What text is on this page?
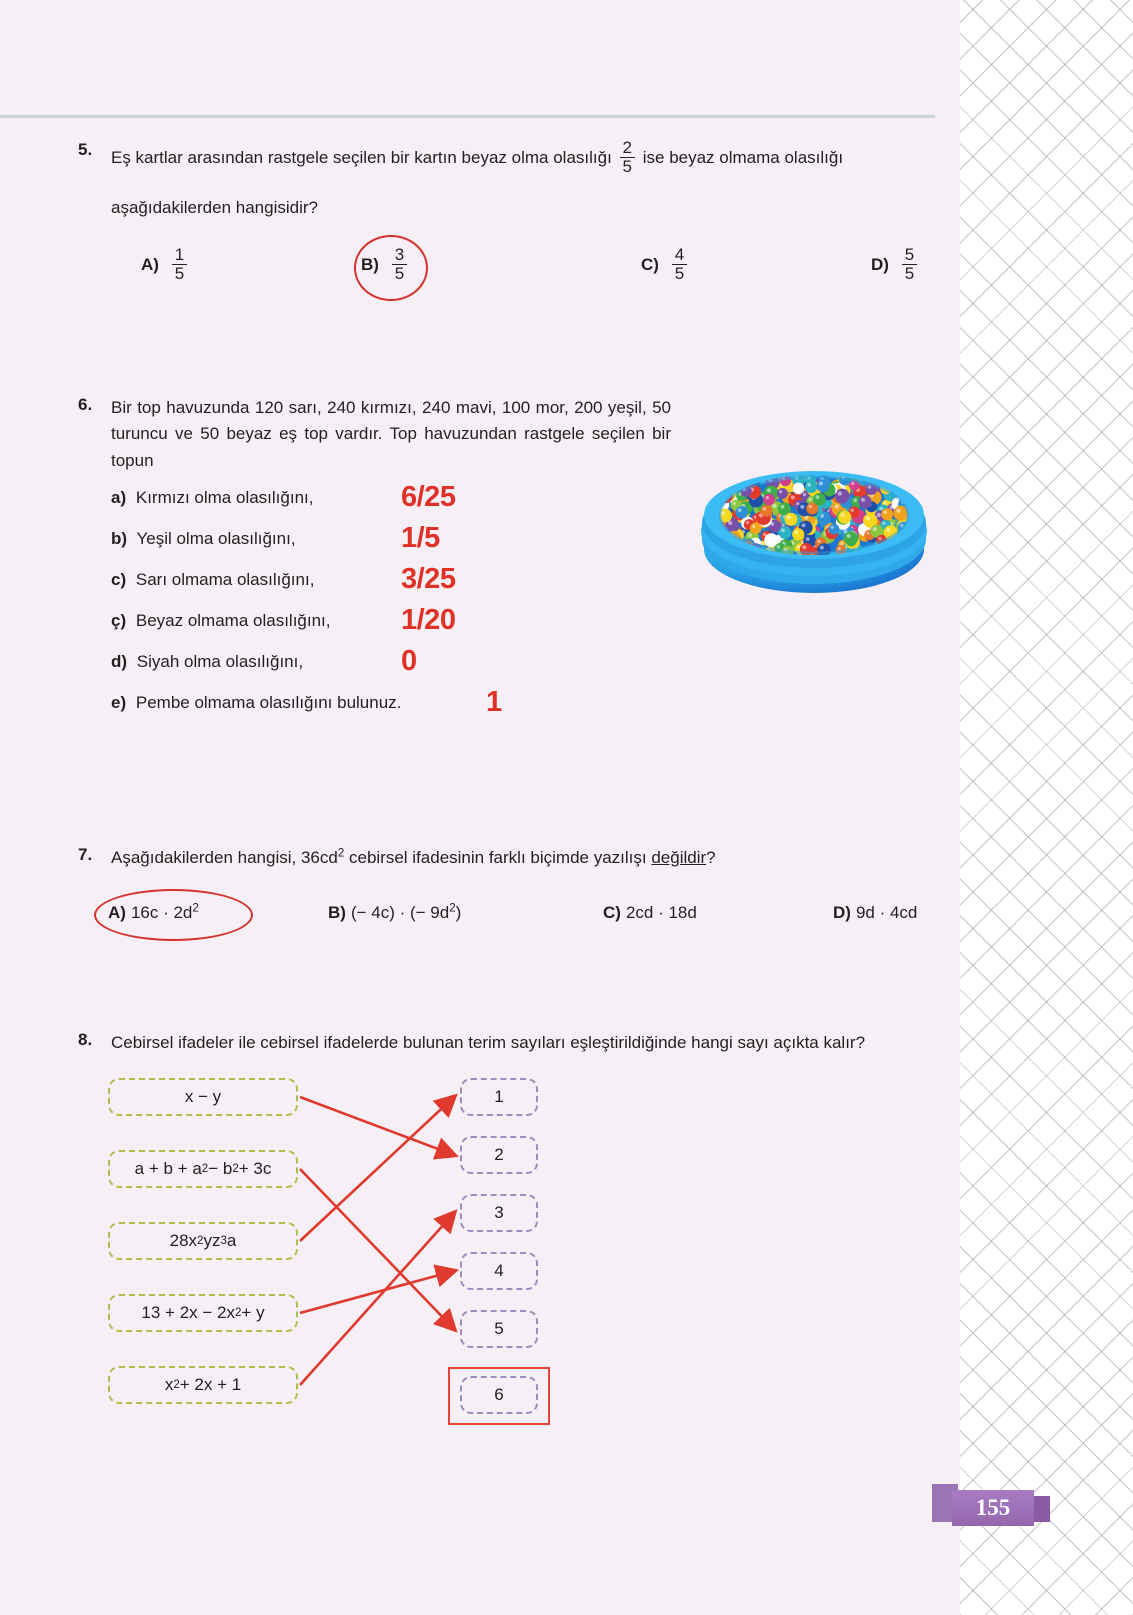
5. Eş kartlar arasından rastgele seçilen bir kartın beyaz olma olasılığı $\frac{2}{5}$ ise beyaz olmama olasılığı
aşağıdakilerden hangisidir?
$A) \frac{1}{5}$	$B) \frac{3}{5}$	$C) \frac{4}{5}$	$D) \frac{5}{5}$
6. Bir top havuzunda 120 sarı, 240 kırmızı, 240 mavi, 100 mor, 200 yeşil, 50 turuncu ve 50 beyaz eş top vardır. Top havuzundan rastgele seçilen bir topun
a) Kırmızı olma olasılığını,	6/25
b) Yeşil olma olasılığını,	1/5
c) Sarı olmama olasılığını,	3/25
ç) Beyaz olmama olasılığını, 1/20
d) Siyah olma olasılığını,	0
e) Pembe olmama olasılığını bulunuz.	1
7. Aşağıdakilerden hangisi, $36cd^2$ cebirsel ifadesinin farklı biçimde yazılışı değildir?
A) $16c \cdot 2d^2$	B) (− 4c) · (− $9d^2$)	C) 2cd · 18d	D) 9d · 4cd
8. Cebirsel ifadeler ile cebirsel ifadelerde bulunan terim sayıları eşleştirildiğinde hangi sayı açıkta kalır?
x − y
a + b + a 2 − b 2 + 3c
28x 2 yz 3 a
13 + 2x − 2x 2 + y
x 2 + 2x + 1
1
2
3
4
5
6
155
